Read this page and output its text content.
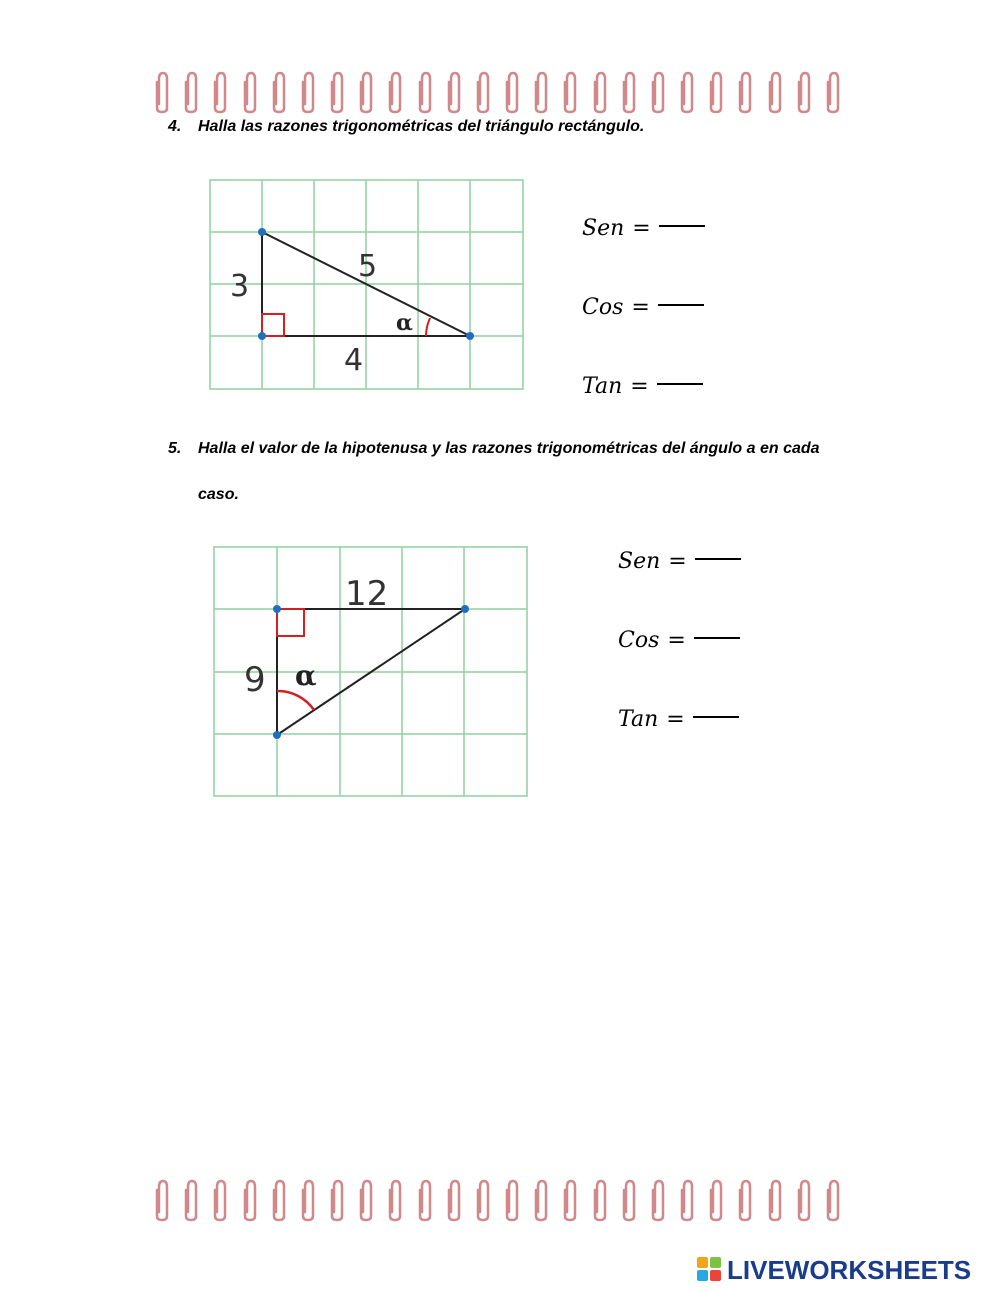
4. Halla las razones trigonométricas del triángulo rectángulo.
3
4
5
α
Sen =
Cos =
Tan =
5. Halla el valor de la hipotenusa y las razones trigonométricas del ángulo a en cada
caso.
12
9 α
Sen =
Cos =
Tan =
LIVEWORKSHEETS
